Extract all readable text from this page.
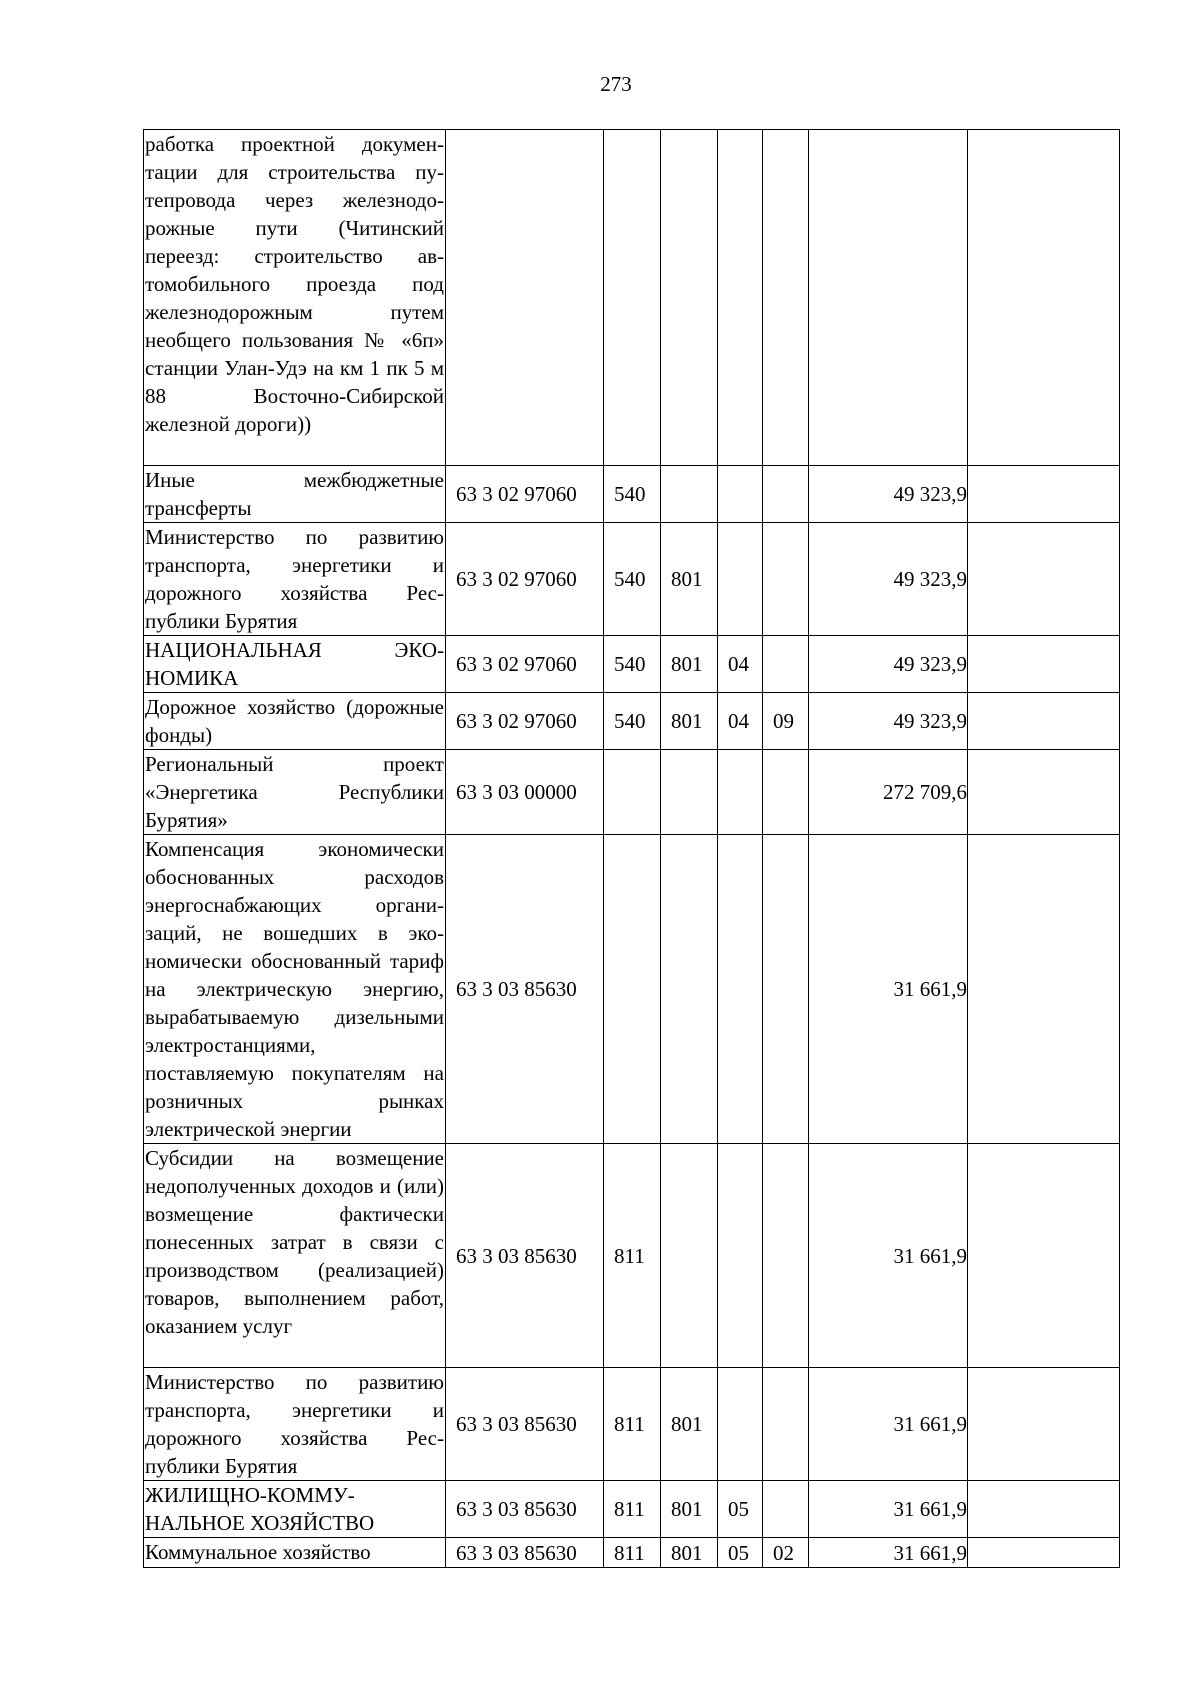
273
работка проектной документации для строительства путепровода через железнодорожные пути (Читинский переезд: строительство автомобильного проезда под железнодорожным путем необщего пользования № «6п» станции Улан-Удэ на км 1 пк 5 м 88 Восточно-Сибирской железной дороги))							
Иные межбюджетные трансферты	63 3 02 97060	540				49 323,9	
Министерство по развитию транспорта, энергетики и дорожного хозяйства Республики Бурятия	63 3 02 97060	540	801			49 323,9	
НАЦИОНАЛЬНАЯ ЭКОНОМИКА	63 3 02 97060	540	801	04		49 323,9	
Дорожное хозяйство (дорожные фонды)	63 3 02 97060	540	801	04	09	49 323,9	
Региональный проект «Энергетика Республики Бурятия»	63 3 03 00000					272 709,6	
Компенсация экономически обоснованных расходов энергоснабжающих организаций, не вошедших в экономически обоснованный тариф на электрическую энергию, вырабатываемую дизельными электростанциями, поставляемую покупателям на розничных рынках электрической энергии	63 3 03 85630					31 661,9	
Субсидии на возмещение недополученных доходов и (или) возмещение фактически понесенных затрат в связи с производством (реализацией) товаров, выполнением работ, оказанием услуг	63 3 03 85630	811				31 661,9	
Министерство по развитию транспорта, энергетики и дорожного хозяйства Республики Бурятия	63 3 03 85630	811	801			31 661,9	
ЖИЛИЩНО-КОММУНАЛЬНОЕ ХОЗЯЙСТВО	63 3 03 85630	811	801	05		31 661,9	
Коммунальное хозяйство	63 3 03 85630	811	801	05	02	31 661,9	
